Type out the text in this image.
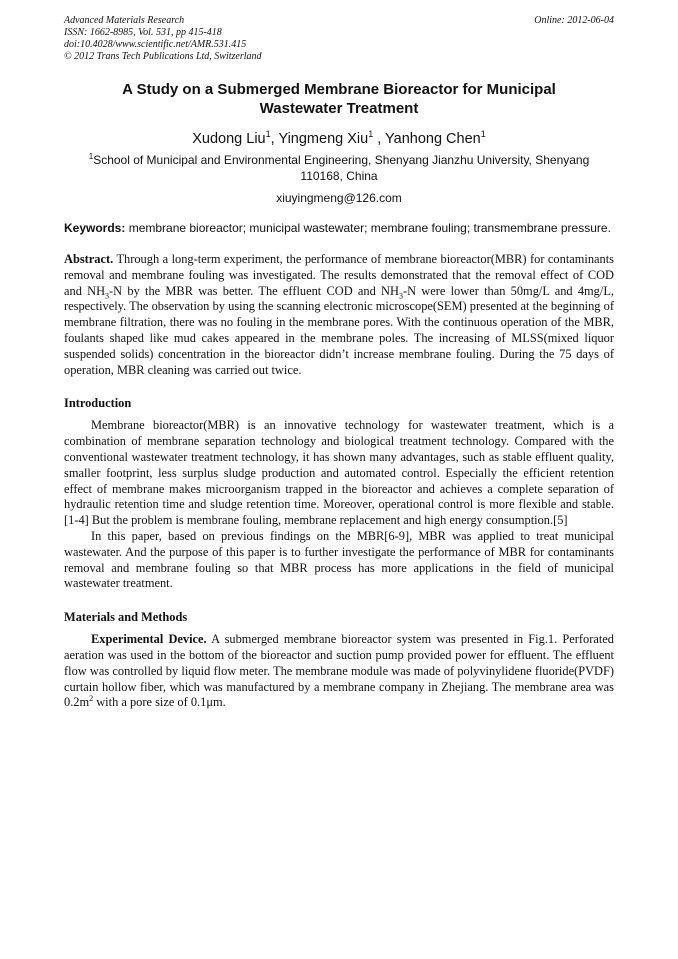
Advanced Materials Research
ISSN: 1662-8985, Vol. 531, pp 415-418
doi:10.4028/www.scientific.net/AMR.531.415
© 2012 Trans Tech Publications Ltd, Switzerland
Online: 2012-06-04
A Study on a Submerged Membrane Bioreactor for Municipal
Wastewater Treatment
Xudong Liu$^1$, Yingmeng Xiu$^1$ , Yanhong Chen$^1$
$^1$School of Municipal and Environmental Engineering, Shenyang Jianzhu University, Shenyang
110168, China
xiuyingmeng@126.com
Keywords: membrane bioreactor; municipal wastewater; membrane fouling; transmembrane pressure.

Abstract. Through a long-term experiment, the performance of membrane bioreactor(MBR) for contaminants removal and membrane fouling was investigated. The results demonstrated that the removal effect of COD and $NH_3-N$ by the MBR was better. The effluent COD and $NH_3-N$ were lower than 50mg/L and 4mg/L, respectively. The observation by using the scanning electronic microscope(SEM) presented at the beginning of membrane filtration, there was no fouling in the membrane pores. With the continuous operation of the MBR, foulants shaped like mud cakes appeared in the membrane poles. The increasing of MLSS(mixed liquor suspended solids) concentration in the bioreactor didn’t increase membrane fouling. During the 75 days of operation, MBR cleaning was carried out twice.

Introduction

Membrane bioreactor(MBR) is an innovative technology for wastewater treatment, which is a combination of membrane separation technology and biological treatment technology. Compared with the conventional wastewater treatment technology, it has shown many advantages, such as stable effluent quality, smaller footprint, less surplus sludge production and automated control. Especially the efficient retention effect of membrane makes microorganism trapped in the bioreactor and achieves a complete separation of hydraulic retention time and sludge retention time. Moreover, operational control is more flexible and stable.[1-4] But the problem is membrane fouling, membrane replacement and high energy consumption.[5]

In this paper, based on previous findings on the MBR[6-9], MBR was applied to treat municipal wastewater. And the purpose of this paper is to further investigate the performance of MBR for contaminants removal and membrane fouling so that MBR process has more applications in the field of municipal wastewater treatment.

Materials and Methods

Experimental Device. A submerged membrane bioreactor system was presented in Fig.1. Perforated aeration was used in the bottom of the bioreactor and suction pump provided power for effluent. The effluent flow was controlled by liquid flow meter. The membrane module was made of polyvinylidene fluoride(PVDF) curtain hollow fiber, which was manufactured by a membrane company in Zhejiang. The membrane area was $0.2m^2$ with a pore size of 0.1μm.
